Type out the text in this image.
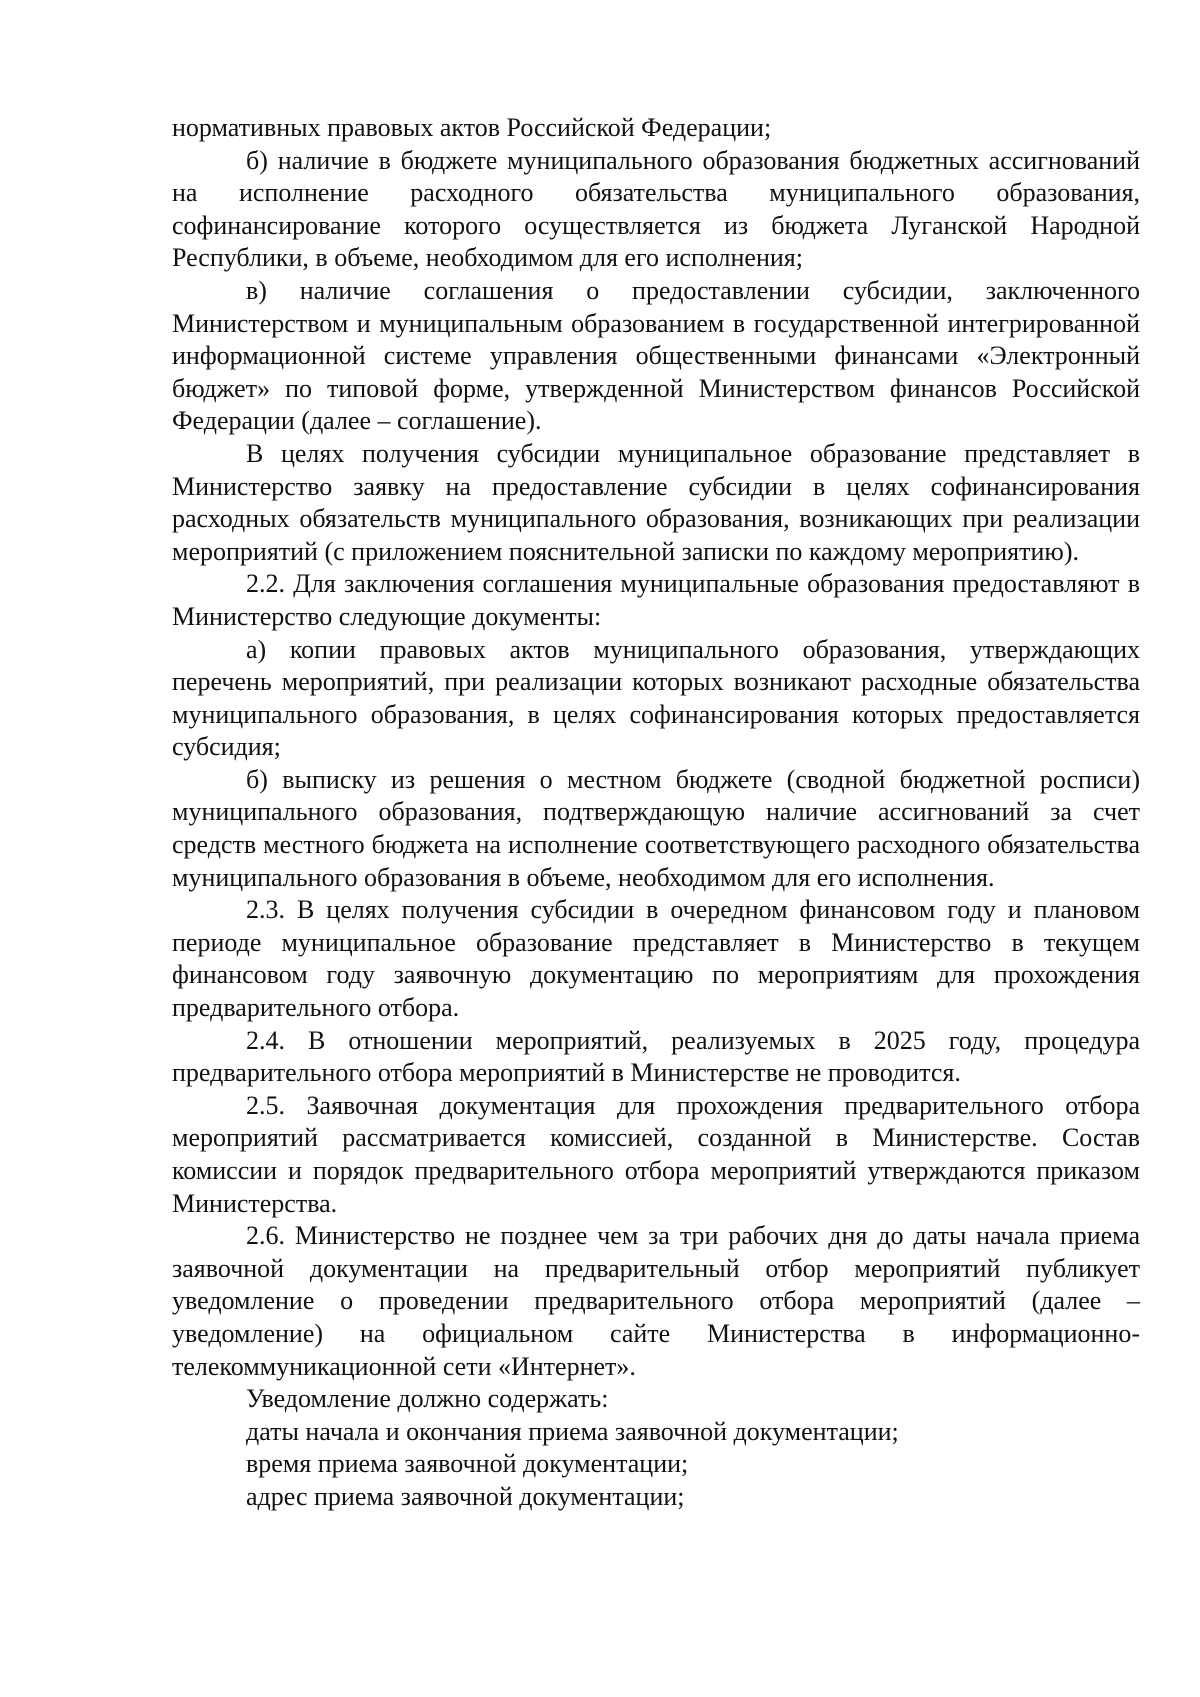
нормативных правовых актов Российской Федерации;

б) наличие в бюджете муниципального образования бюджетных ассигнований на исполнение расходного обязательства муниципального образования, софинансирование которого осуществляется из бюджета Луганской Народной Республики, в объеме, необходимом для его исполнения;

в) наличие соглашения о предоставлении субсидии, заключенного Министерством и муниципальным образованием в государственной интегрированной информационной системе управления общественными финансами «Электронный бюджет» по типовой форме, утвержденной Министерством финансов Российской Федерации (далее – соглашение).

В целях получения субсидии муниципальное образование представляет в Министерство заявку на предоставление субсидии в целях софинансирования расходных обязательств муниципального образования, возникающих при реализации мероприятий (с приложением пояснительной записки по каждому мероприятию).

2.2. Для заключения соглашения муниципальные образования предоставляют в Министерство следующие документы:

а) копии правовых актов муниципального образования, утверждающих перечень мероприятий, при реализации которых возникают расходные обязательства муниципального образования, в целях софинансирования которых предоставляется субсидия;

б) выписку из решения о местном бюджете (сводной бюджетной росписи) муниципального образования, подтверждающую наличие ассигнований за счет средств местного бюджета на исполнение соответствующего расходного обязательства муниципального образования в объеме, необходимом для его исполнения.

2.3. В целях получения субсидии в очередном финансовом году и плановом периоде муниципальное образование представляет в Министерство в текущем финансовом году заявочную документацию по мероприятиям для прохождения предварительного отбора.

2.4. В отношении мероприятий, реализуемых в 2025 году, процедура предварительного отбора мероприятий в Министерстве не проводится.

2.5. Заявочная документация для прохождения предварительного отбора мероприятий рассматривается комиссией, созданной в Министерстве. Состав комиссии и порядок предварительного отбора мероприятий утверждаются приказом Министерства.

2.6. Министерство не позднее чем за три рабочих дня до даты начала приема заявочной документации на предварительный отбор мероприятий публикует уведомление о проведении предварительного отбора мероприятий (далее – уведомление) на официальном сайте Министерства в информационно-телекоммуникационной сети «Интернет».

Уведомление должно содержать:

даты начала и окончания приема заявочной документации;

время приема заявочной документации;

адрес приема заявочной документации;
